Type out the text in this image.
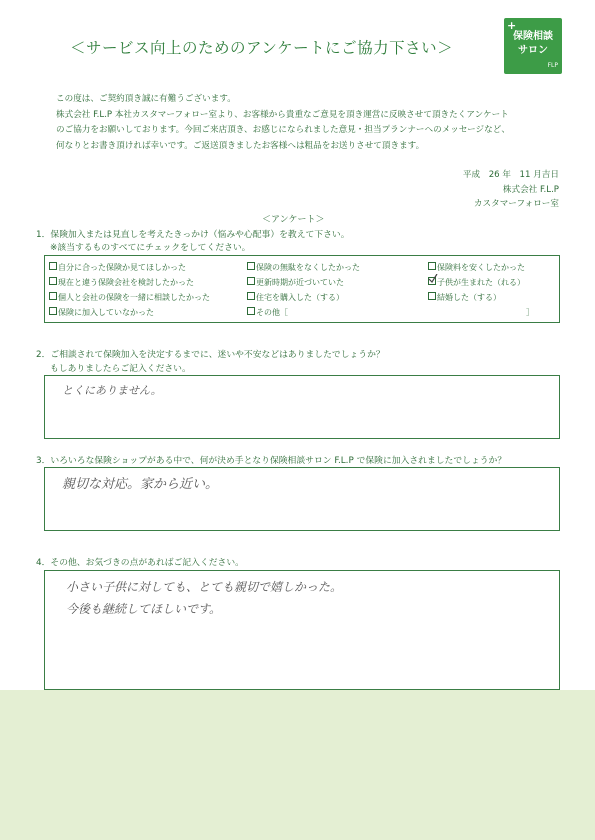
＜サービス向上のためのアンケートにご協力下さい＞
+
保険相談
サロン
FLP
この度は、ご契約頂き誠に有難うございます。
株式会社 F.L.P 本社カスタマーフォロー室より、お客様から貴重なご意見を頂き運営に反映させて頂きたくアンケート
のご協力をお願いしております。今回ご来店頂き、お感じになられました意見・担当プランナーへのメッセージなど、
何なりとお書き頂ければ幸いです。ご返送頂きましたお客様へは粗品をお送りさせて頂きます。
平成　26 年　11 月吉日
株式会社 F.L.P
カスタマーフォロー室
＜アンケート＞
1．保険加入または見直しを考えたきっかけ（悩みや心配事）を教えて下さい。
※該当するものすべてにチェックをしてください。
自分に合った保険か見てほしかった	保険の無駄をなくしたかった	保険料を安くしたかった
現在と違う保険会社を検討したかった	更新時期が近づいていた	子供が生まれた（れる）
個人と会社の保険を一緒に相談したかった	住宅を購入した（する）	結婚した（する）
保険に加入していなかった	その他［	］
2．ご相談されて保険加入を決定するまでに、迷いや不安などはありましたでしょうか？
もしありましたらご記入ください。
とくにありません。
3．いろいろな保険ショップがある中で、何が決め手となり保険相談サロン F.L.P で保険に加入されましたでしょうか？
親切な対応。家から近い。
4．その他、お気づきの点があればご記入ください。
小さい子供に対しても、とても親切で嬉しかった。
今後も継続してほしいです。
